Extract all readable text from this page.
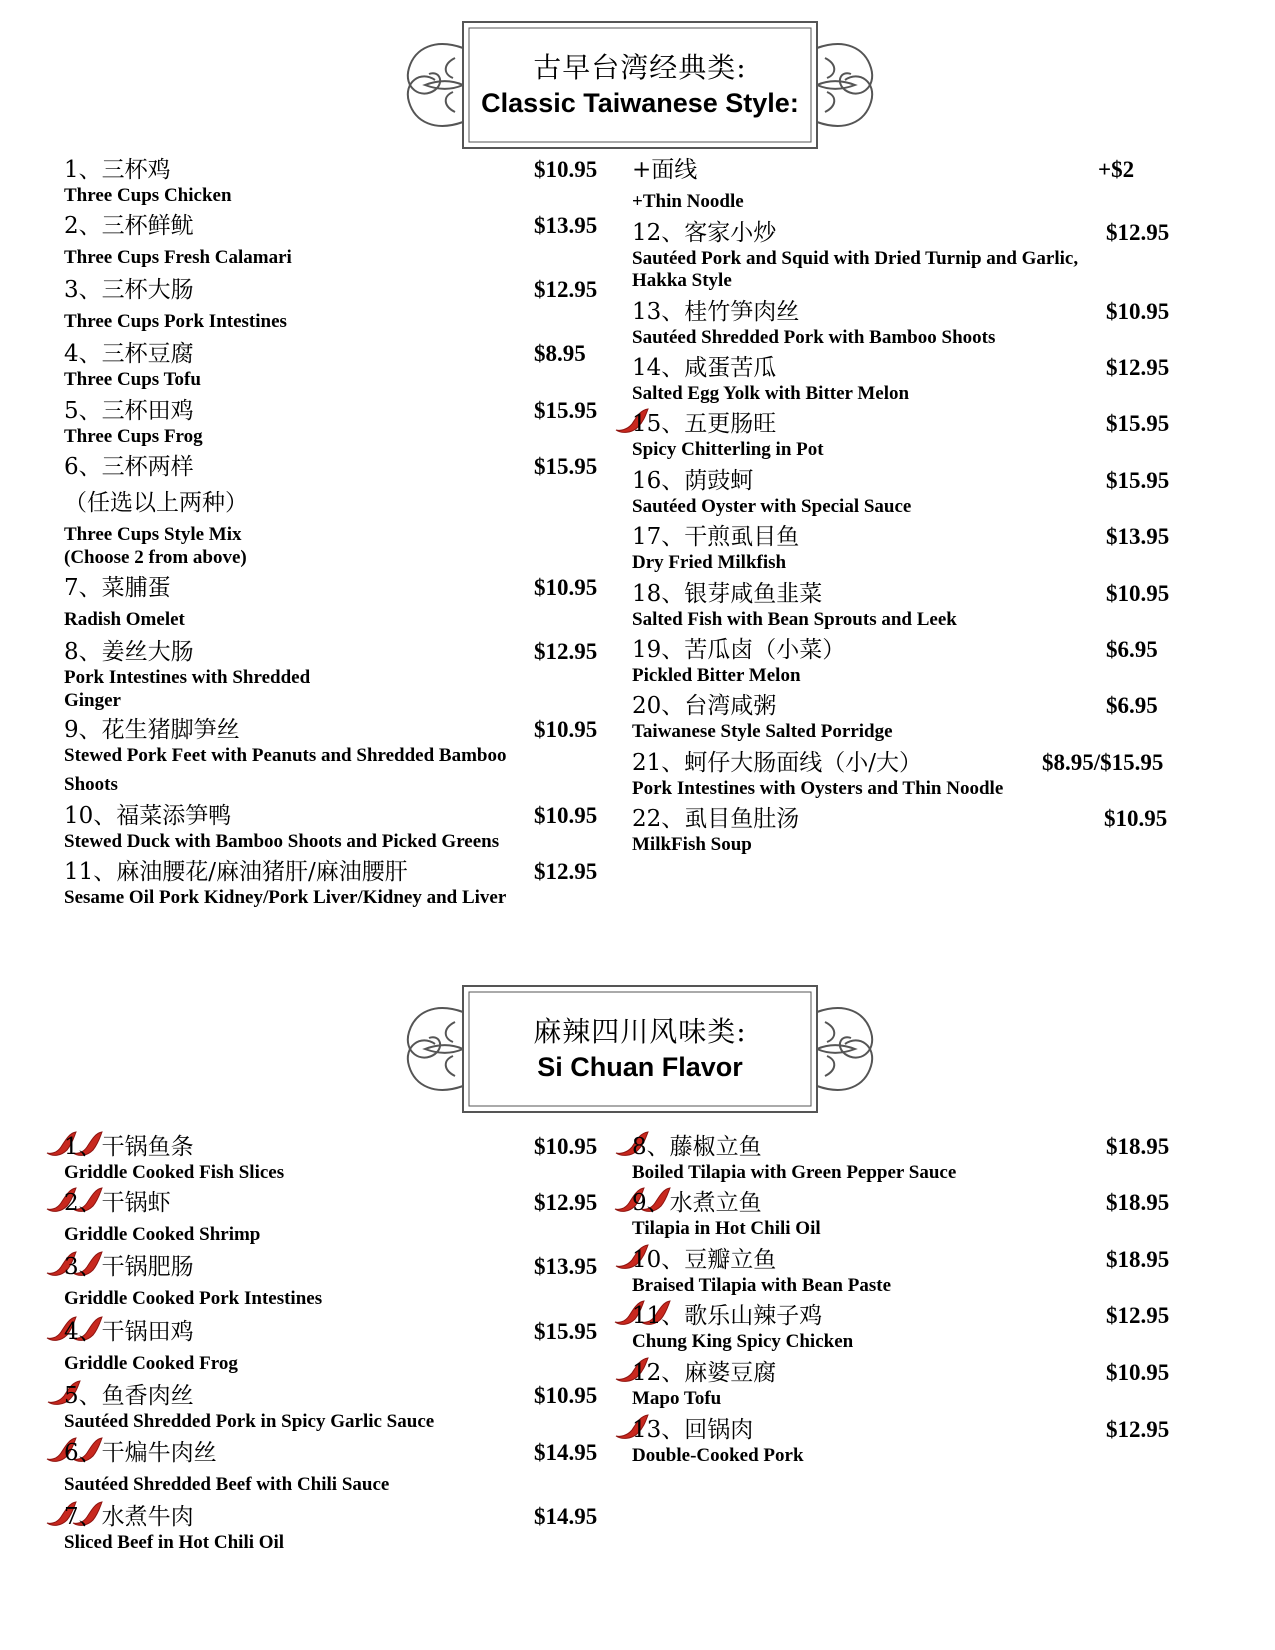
古早台湾经典类:
Classic Taiwanese Style:
1、三杯鸡	$10.95
Three Cups Chicken
2、三杯鲜鱿	$13.95
Three Cups Fresh Calamari
3、三杯大肠	$12.95
Three Cups Pork Intestines
4、三杯豆腐	$8.95
Three Cups Tofu
5、三杯田鸡	$15.95
Three Cups Frog
6、三杯两样	$15.95
（任选以上两种）
Three Cups Style Mix
(Choose 2 from above)
7、菜脯蛋	$10.95
Radish Omelet
8、姜丝大肠	$12.95
Pork Intestines with Shredded
Ginger
9、花生猪脚笋丝	$10.95
Stewed Pork Feet with Peanuts and Shredded Bamboo
Shoots
10、福菜添笋鸭	$10.95
Stewed Duck with Bamboo Shoots and Picked Greens
11、麻油腰花/麻油猪肝/麻油腰肝	$12.95
Sesame Oil Pork Kidney/Pork Liver/Kidney and Liver
+面线	+$2
+Thin Noodle
12、客家小炒	$12.95
Sautéed Pork and Squid with Dried Turnip and Garlic,
Hakka Style
13、桂竹笋肉丝	$10.95
Sautéed Shredded Pork with Bamboo Shoots
14、咸蛋苦瓜	$12.95
Salted Egg Yolk with Bitter Melon
15、五更肠旺	$15.95
Spicy Chitterling in Pot
16、荫豉蚵	$15.95
Sautéed Oyster with Special Sauce
17、干煎虱目鱼	$13.95
Dry Fried Milkfish
18、银芽咸鱼韭菜	$10.95
Salted Fish with Bean Sprouts and Leek
19、苦瓜卤（小菜）	$6.95
Pickled Bitter Melon
20、台湾咸粥	$6.95
Taiwanese Style Salted Porridge
21、蚵仔大肠面线（小/大）	$8.95/$15.95
Pork Intestines with Oysters and Thin Noodle
22、虱目鱼肚汤	$10.95
MilkFish Soup
麻辣四川风味类:
Si Chuan Flavor
1、干锅鱼条	$10.95
Griddle Cooked Fish Slices
2、干锅虾	$12.95
Griddle Cooked Shrimp
3、干锅肥肠	$13.95
Griddle Cooked Pork Intestines
4、干锅田鸡	$15.95
Griddle Cooked Frog
5、鱼香肉丝	$10.95
Sautéed Shredded Pork in Spicy Garlic Sauce
6、干煸牛肉丝	$14.95
Sautéed Shredded Beef with Chili Sauce
7、水煮牛肉	$14.95
Sliced Beef in Hot Chili Oil
8、藤椒立鱼	$18.95
Boiled Tilapia with Green Pepper Sauce
9、水煮立鱼	$18.95
Tilapia in Hot Chili Oil
10、豆瓣立鱼	$18.95
Braised Tilapia with Bean Paste
11、歌乐山辣子鸡	$12.95
Chung King Spicy Chicken
12、麻婆豆腐	$10.95
Mapo Tofu
13、回锅肉	$12.95
Double-Cooked Pork
